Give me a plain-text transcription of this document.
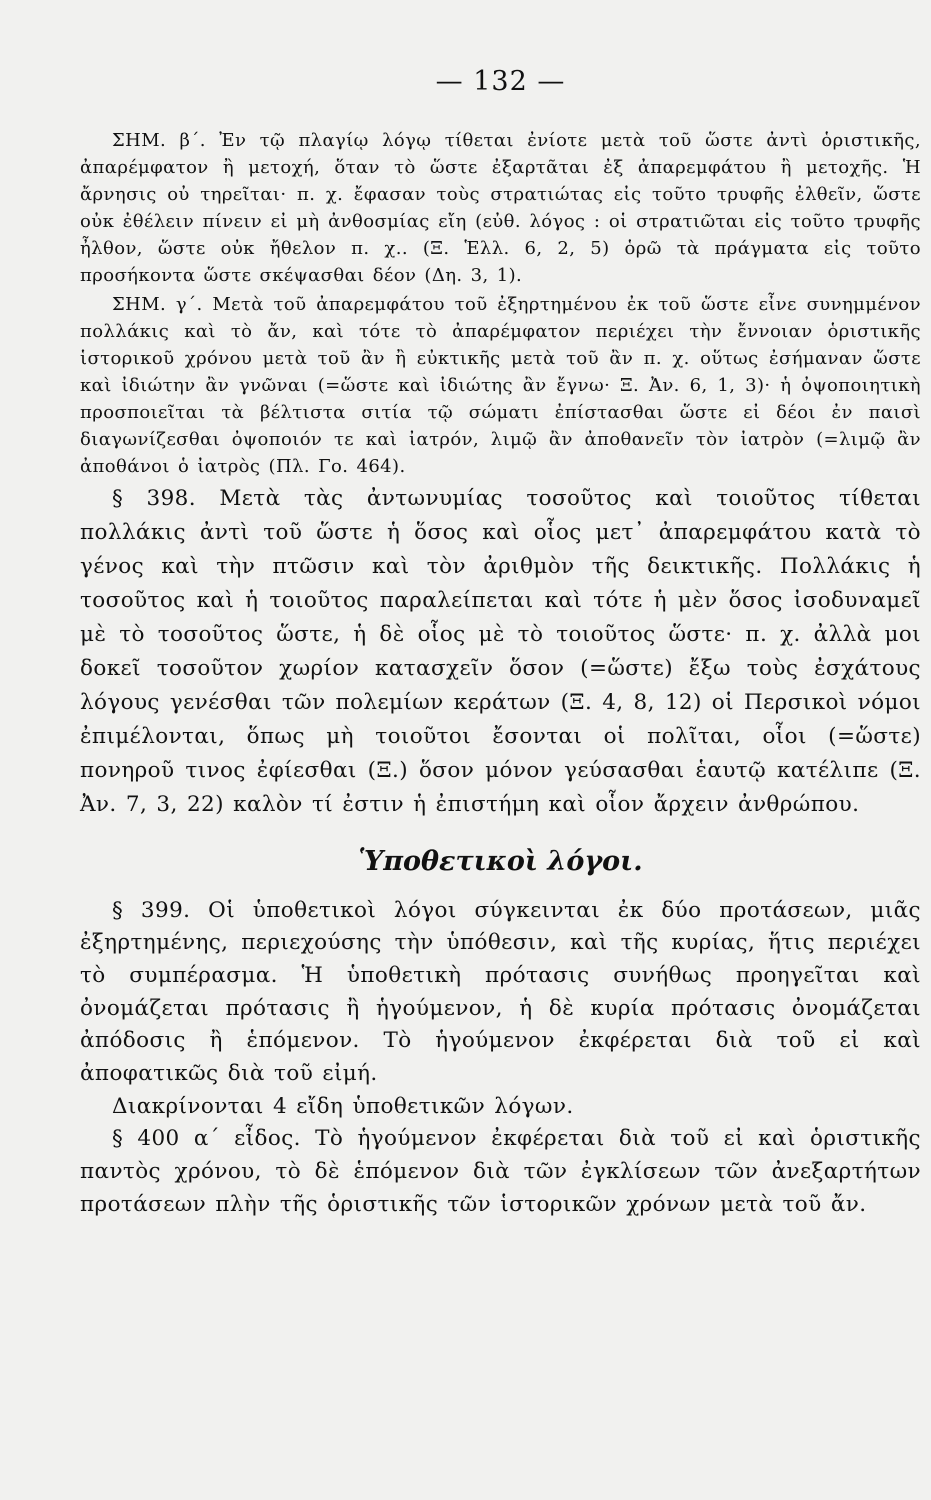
— 132 —

ΣΗΜ. β΄. Ἐν τῷ πλαγίῳ λόγῳ τίθεται ἐνίοτε μετὰ τοῦ ὥστε ἀντὶ ὁριστικῆς, ἀπαρέμφατον ἢ μετοχή, ὅταν τὸ ὥστε ἐξαρτᾶται ἐξ ἀπαρεμφάτου ἢ μετοχῆς. Ἡ ἄρνησις οὐ τηρεῖται· π. χ. ἔφασαν τοὺς στρατιώτας εἰς τοῦτο τρυφῆς ἐλθεῖν, ὥστε οὐκ ἐθέλειν πίνειν εἰ μὴ ἀνθοσμίας εἴη (εὐθ. λόγος : οἱ στρατιῶται εἰς τοῦτο τρυφῆς ἦλθον, ὥστε οὐκ ἤθελον π. χ.. (Ξ. Ἑλλ. 6, 2, 5) ὁρῶ τὰ πράγματα εἰς τοῦτο προσήκοντα ὥστε σκέψασθαι δέον (Δη. 3, 1).

ΣΗΜ. γ΄. Μετὰ τοῦ ἀπαρεμφάτου τοῦ ἐξηρτημένου ἐκ τοῦ ὥστε εἶνε συνημμένον πολλάκις καὶ τὸ ἄν, καὶ τότε τὸ ἀπαρέμφατον περιέχει τὴν ἔννοιαν ὁριστικῆς ἱστορικοῦ χρόνου μετὰ τοῦ ἂν ἢ εὐκτικῆς μετὰ τοῦ ἂν π. χ. οὕτως ἐσήμαναν ὥστε καὶ ἰδιώτην ἂν γνῶναι (=ὥστε καὶ ἰδιώτης ἂν ἔγνω· Ξ. Ἀν. 6, 1, 3)· ἡ ὀψοποιητικὴ προσποιεῖται τὰ βέλτιστα σιτία τῷ σώματι ἐπίστασθαι ὥστε εἰ δέοι ἐν παισὶ διαγωνίζεσθαι ὀψοποιόν τε καὶ ἰατρόν, λιμῷ ἂν ἀποθανεῖν τὸν ἰατρὸν (=λιμῷ ἂν ἀποθάνοι ὁ ἰατρὸς (Πλ. Γο. 464).

§ 398. Μετὰ τὰς ἀντωνυμίας τοσοῦτος καὶ τοιοῦτος τίθεται πολλάκις ἀντὶ τοῦ ὥστε ἡ ὅσος καὶ οἷος μετ᾽ ἀπαρεμφάτου κατὰ τὸ γένος καὶ τὴν πτῶσιν καὶ τὸν ἀριθμὸν τῆς δεικτικῆς. Πολλάκις ἡ τοσοῦτος καὶ ἡ τοιοῦτος παραλείπεται καὶ τότε ἡ μὲν ὅσος ἰσοδυναμεῖ μὲ τὸ τοσοῦτος ὥστε, ἡ δὲ οἷος μὲ τὸ τοιοῦτος ὥστε· π. χ. ἀλλὰ μοι δοκεῖ τοσοῦτον χωρίον κατασχεῖν ὅσον (=ὥστε) ἔξω τοὺς ἐσχάτους λόγους γενέσθαι τῶν πολεμίων κεράτων (Ξ. 4, 8, 12) οἱ Περσικοὶ νόμοι ἐπιμέλονται, ὅπως μὴ τοιοῦτοι ἔσονται οἱ πολῖται, οἷοι (=ὥστε) πονηροῦ τινος ἐφίεσθαι (Ξ.) ὅσον μόνον γεύσασθαι ἑαυτῷ κατέλιπε (Ξ. Ἀν. 7, 3, 22) καλὸν τί ἐστιν ἡ ἐπιστήμη καὶ οἷον ἄρχειν ἀνθρώπου.

Ὑποθετικοὶ λόγοι.

§ 399. Οἱ ὑποθετικοὶ λόγοι σύγκεινται ἐκ δύο προτάσεων, μιᾶς ἐξηρτημένης, περιεχούσης τὴν ὑπόθεσιν, καὶ τῆς κυρίας, ἥτις περιέχει τὸ συμπέρασμα. Ἡ ὑποθετικὴ πρότασις συνήθως προηγεῖται καὶ ὀνομάζεται πρότασις ἢ ἡγούμενον, ἡ δὲ κυρία πρότασις ὀνομάζεται ἀπόδοσις ἢ ἑπόμενον. Τὸ ἡγούμενον ἐκφέρεται διὰ τοῦ εἰ καὶ ἀποφατικῶς διὰ τοῦ εἰμή.

Διακρίνονται 4 εἴδη ὑποθετικῶν λόγων.

§ 400 α΄ εἶδος. Τὸ ἡγούμενον ἐκφέρεται διὰ τοῦ εἰ καὶ ὁριστικῆς παντὸς χρόνου, τὸ δὲ ἑπόμενον διὰ τῶν ἐγκλίσεων τῶν ἀνεξαρτήτων προτάσεων πλὴν τῆς ὁριστικῆς τῶν ἱστορικῶν χρόνων μετὰ τοῦ ἄν.
